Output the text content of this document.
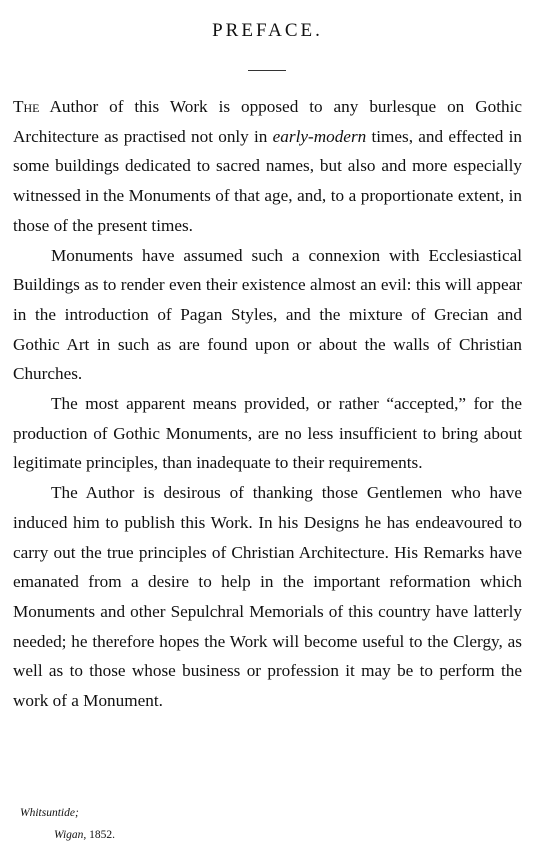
PREFACE.

The Author of this Work is opposed to any burlesque on Gothic Architecture as practised not only in early-modern times, and effected in some buildings dedicated to sacred names, but also and more especially witnessed in the Monuments of that age, and, to a proportionate extent, in those of the present times.

Monuments have assumed such a connexion with Ecclesiastical Buildings as to render even their existence almost an evil: this will appear in the introduction of Pagan Styles, and the mixture of Grecian and Gothic Art in such as are found upon or about the walls of Christian Churches.

The most apparent means provided, or rather “accepted,” for the production of Gothic Monuments, are no less insufficient to bring about legitimate principles, than inadequate to their requirements.

The Author is desirous of thanking those Gentlemen who have induced him to publish this Work. In his Designs he has endeavoured to carry out the true principles of Christian Architecture. His Remarks have emanated from a desire to help in the important reformation which Monuments and other Sepulchral Memorials of this country have latterly needed; he therefore hopes the Work will become useful to the Clergy, as well as to those whose business or profession it may be to perform the work of a Monument.

Whitsuntide;
Wigan, 1852.
